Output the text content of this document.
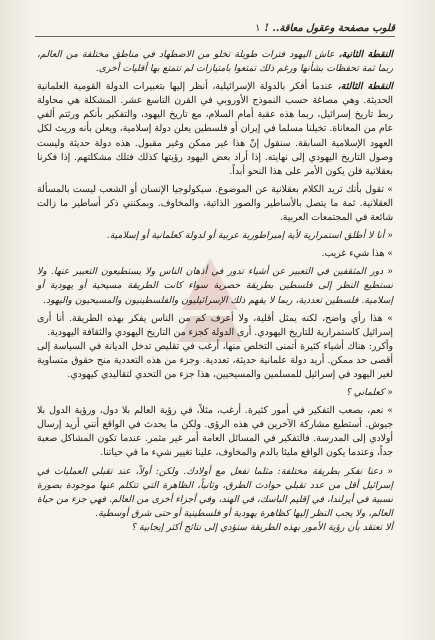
قلوب مصفحة وعقول معاقة.. !
١

النقطة الثانية، عاش اليهود فترات طويلة تخلو من الاضطهاد في مناطق مختلفة من العالم، ربما ثمة تحفظات بشأنها ورغم ذلك تمتعوا بامتيازات لم تتمتع بها أقليات أخرى.

النقطة الثالثة، عندما أفكر بالدولة الإسرائيلية، أنظر إليها بتعبيرات الدولة القومية العلمانية الحديثة. وهي مصاغة حسب النموذج الأوروبي في القرن التاسع عشر. المشكلة هي محاولة ربط تاريخ إسرائيل، ربما هذه عقبة أمام السلام، مع تاريخ اليهود، والتفكير بأنكم ورثتم ألفي عام من المعاناة. تخيلنا مسلما في إيران أو فلسطين يعلن دولة إسلامية، ويعلن بأنه وريث لكل العهود الإسلامية السابقة. سنقول إنّ هذا غير ممكن وغير مقبول. هذه دولة حديثة وليست وصول التاريخ اليهودي إلى نهايته. إذا أراد بعض اليهود رؤيتها كذلك فتلك مشكلتهم. إذا فكرنا بعقلانية فلن يكون الأمر على هذا النحو أبداً.

» تقول بأنك تريد الكلام بعقلانية عن الموضوع. سيكولوجيا الإنسان أو الشعب ليست بالمسألة العقلانية. ثمة ما يتصل بالأساطير والصور الذاتية، والمخاوف. وبمكنني ذكر أساطير ما زالت شائعة في المجتمعات العربية.

« أنا لا أطلق استمرارية لأية إمبراطورية عربية أو لدولة كعلمانية أو إسلامية.

» هذا شيء غريب.

« دور المثقفين في التعبير عن أشياء تدور في أذهان الناس ولا يستطيعون التعبير عنها. ولا نستطيع النظر إلى فلسطين بطريقة حصرية سواء كانت الطريقة مسيحية أو يهودية أو إسلامية. فلسطين تعددية، ربما لا يفهم ذلك الإسرائيليون والفلسطينيون والمسيحيون واليهود.

» هذا رأي واضح، لكنه يمثل أقلية، ولا أعرف كم من الناس يفكر بهذه الطريقة. أنا أرى إسرائيل كاستمرارية للتاريخ اليهودي. أرى الدولة كجزء من التاريخ اليهودي والثقافة اليهودية.

وأكرر: هناك أشياء كثيرة أتمنى التخلص منها، أرغب في تقليص تدخل الديانة في السياسة إلى أقصى حد ممكن. أريد دولة علمانية حديثة، تعددية. وجزء من هذه التعددية منح حقوق متساوية لغير اليهود في إسرائيل للمسلمين والمسيحيين، هذا جزء من التحدي لتقاليدي كيهودي.

« كعلماني ؟

» نعم، بصعب التفكير في أمور كثيرة. أرغب، مثلاً، في رؤية العالم بلا دول، ورؤية الدول بلا جيوش. أستطيع مشاركة الآخرين في هذه الرؤى. ولكن ما يحدث في الواقع أنني أريد إرسال أولادي إلى المدرسة. فالتفكير في المسائل العامة أمر غير مثمر. عندما تكون المشاكل صعبة جداً، وعندما يكون الواقع مليئا بالدم والمخاوف، علينا تغيير شيء ما في حياتنا.

« دعنا نفكر بطريقة مختلفة: مثلما تفعل مع أولادك. ولكن: أولاً، عند تقبلي العمليات في إسرائيل أقل من عدد تقبلي حوادث الطرق، وثانياً، الظاهرة التي تتكلم عنها موجودة بصورة نسبية في أيرلندا، في إقليم الباسك، في الهند، وفي أجزاء أخرى من العالم. فهي جزء من حياة العالم، ولا يجب النظر إليها كظاهرة يهودية أو فلسطينية أو حتى شرق أوسطية.

ألا تعتقد بأن رؤية الأمور بهذه الطريقة ستؤدي إلى نتائج أكثر إيجابية ؟
